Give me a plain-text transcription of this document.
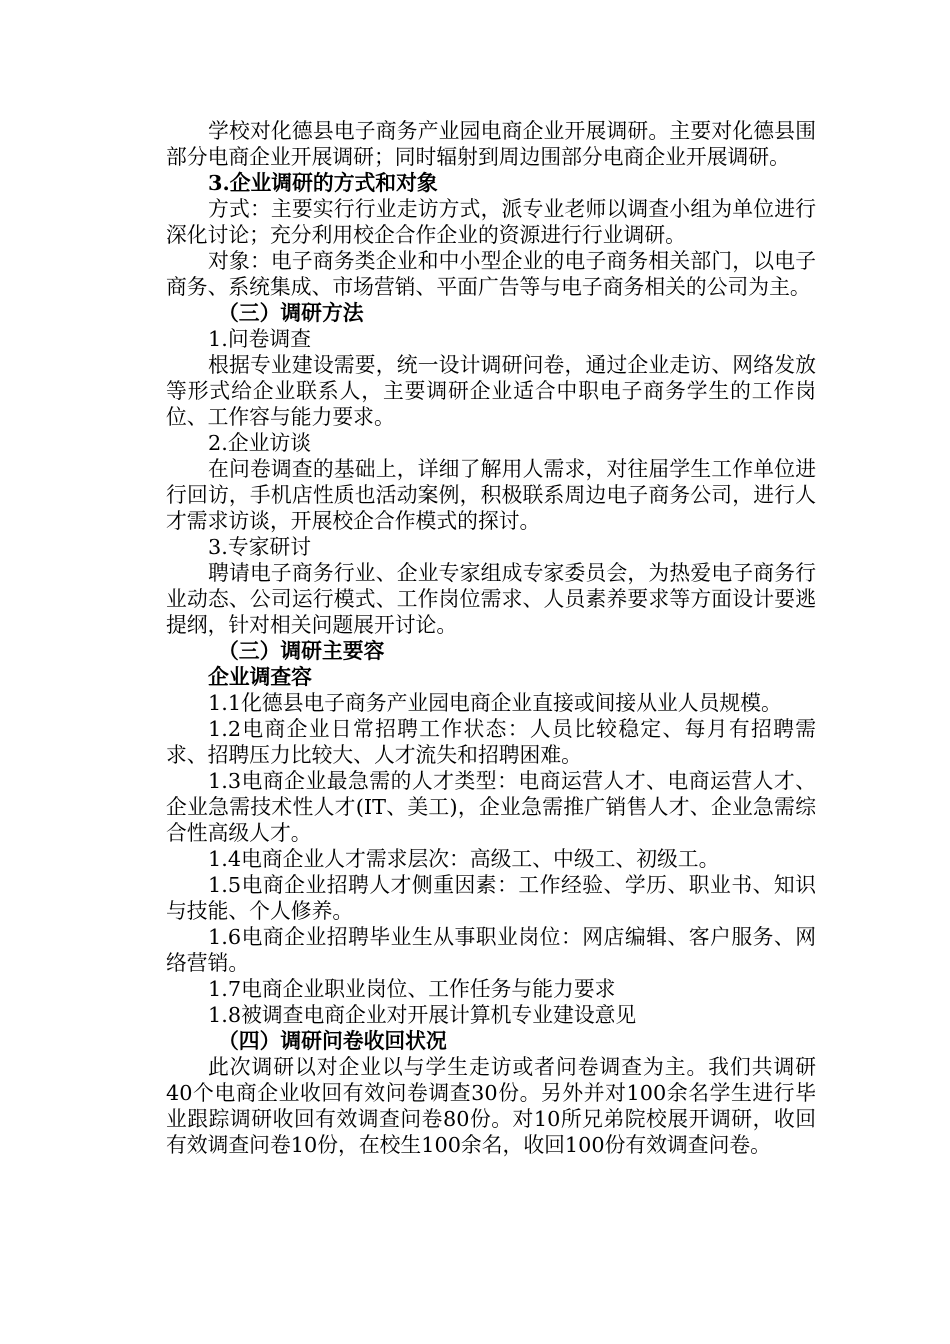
学校对化德县电子商务产业园电商企业开展调研。主要对化德县围部分电商企业开展调研；同时辐射到周边围部分电商企业开展调研。

3.企业调研的方式和对象

方式：主要实行行业走访方式，派专业老师以调查小组为单位进行深化讨论；充分利用校企合作企业的资源进行行业调研。

对象：电子商务类企业和中小型企业的电子商务相关部门，以电子商务、系统集成、市场营销、平面广告等与电子商务相关的公司为主。

（三）调研方法

1.问卷调查

根据专业建设需要，统一设计调研问卷，通过企业走访、网络发放等形式给企业联系人，主要调研企业适合中职电子商务学生的工作岗位、工作容与能力要求。

2.企业访谈

在问卷调查的基础上，详细了解用人需求，对往届学生工作单位进行回访，手机店性质也活动案例，积极联系周边电子商务公司，进行人才需求访谈，开展校企合作模式的探讨。

3.专家研讨

聘请电子商务行业、企业专家组成专家委员会，为热爱电子商务行业动态、公司运行模式、工作岗位需求、人员素养要求等方面设计要逃提纲，针对相关问题展开讨论。

（三）调研主要容

企业调查容

1.1化德县电子商务产业园电商企业直接或间接从业人员规模。

1.2电商企业日常招聘工作状态：人员比较稳定、每月有招聘需求、招聘压力比较大、人才流失和招聘困难。

1.3电商企业最急需的人才类型：电商运营人才、电商运营人才、企业急需技术性人才(IT、美工)，企业急需推广销售人才、企业急需综合性高级人才。

1.4电商企业人才需求层次：高级工、中级工、初级工。

1.5电商企业招聘人才侧重因素：工作经验、学历、职业书、知识与技能、个人修养。

1.6电商企业招聘毕业生从事职业岗位：网店编辑、客户服务、网络营销。

1.7电商企业职业岗位、工作任务与能力要求

1.8被调查电商企业对开展计算机专业建设意见

（四）调研问卷收回状况

此次调研以对企业以与学生走访或者问卷调查为主。我们共调研40个电商企业收回有效问卷调查30份。另外并对100余名学生进行毕业跟踪调研收回有效调查问卷80份。对10所兄弟院校展开调研，收回有效调查问卷10份，在校生100余名，收回100份有效调查问卷。
